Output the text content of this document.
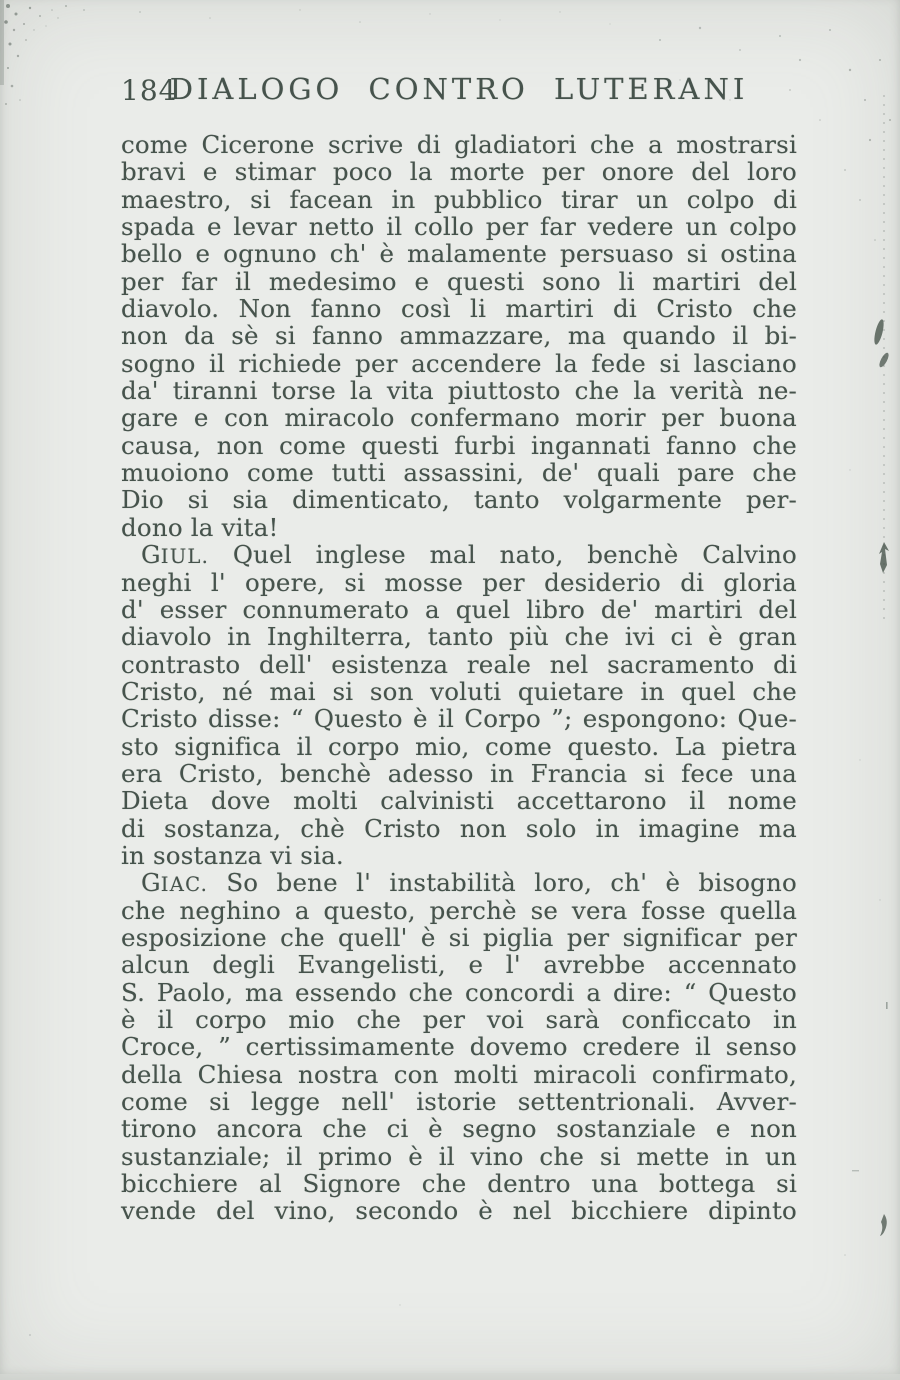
184
DIALOGO CONTRO LUTERANI
come Cicerone scrive di gladiatori che a mostrarsi
bravi e stimar poco la morte per onore del loro
maestro, si facean in pubblico tirar un colpo di
spada e levar netto il collo per far vedere un colpo
bello e ognuno ch' è malamente persuaso si ostina
per far il medesimo e questi sono li martiri del
diavolo. Non fanno così li martiri di Cristo che
non da sè si fanno ammazzare, ma quando il bi-
sogno il richiede per accendere la fede si lasciano
da' tiranni torse la vita piuttosto che la verità ne-
gare e con miracolo confermano morir per buona
causa, non come questi furbi ingannati fanno che
muoiono come tutti assassini, de' quali pare che
Dio si sia dimenticato, tanto volgarmente per-
dono la vita!
GIUL. Quel inglese mal nato, benchè Calvino
neghi l' opere, si mosse per desiderio di gloria
d' esser connumerato a quel libro de' martiri del
diavolo in Inghilterra, tanto più che ivi ci è gran
contrasto dell' esistenza reale nel sacramento di
Cristo, né mai si son voluti quietare in quel che
Cristo disse: “ Questo è il Corpo ”; espongono: Que-
sto significa il corpo mio, come questo. La pietra
era Cristo, benchè adesso in Francia si fece una
Dieta dove molti calvinisti accettarono il nome
di sostanza, chè Cristo non solo in imagine ma
in sostanza vi sia.
GIAC. So bene l' instabilità loro, ch' è bisogno
che neghino a questo, perchè se vera fosse quella
esposizione che quell' è si piglia per significar per
alcun degli Evangelisti, e l' avrebbe accennato
S. Paolo, ma essendo che concordi a dire: “ Questo
è il corpo mio che per voi sarà conficcato in
Croce, ” certissimamente dovemo credere il senso
della Chiesa nostra con molti miracoli confirmato,
come si legge nell' istorie settentrionali. Avver-
tirono ancora che ci è segno sostanziale e non
sustanziale; il primo è il vino che si mette in un
bicchiere al Signore che dentro una bottega si
vende del vino, secondo è nel bicchiere dipinto
